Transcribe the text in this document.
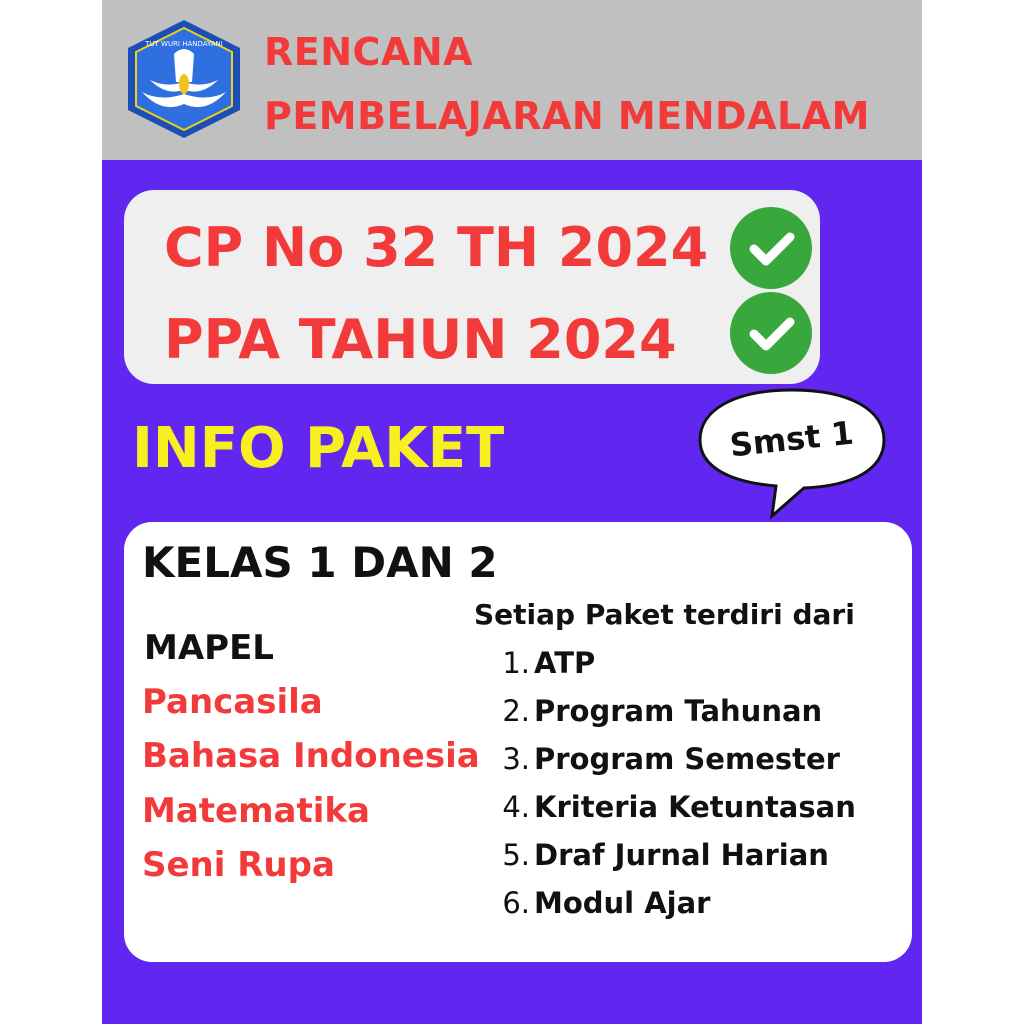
TUT WURI HANDAYANI RENCANA
PEMBELAJARAN MENDALAM
CP No 32 TH 2024
PPA TAHUN 2024
INFO PAKET	Smst 1
KELAS 1 DAN 2
MAPEL
Pancasila
Bahasa Indonesia
Matematika
Seni Rupa
Setiap Paket terdiri dari
1. ATP
2. Program Tahunan
3. Program Semester
4. Kriteria Ketuntasan
5. Draf Jurnal Harian
6. Modul Ajar
